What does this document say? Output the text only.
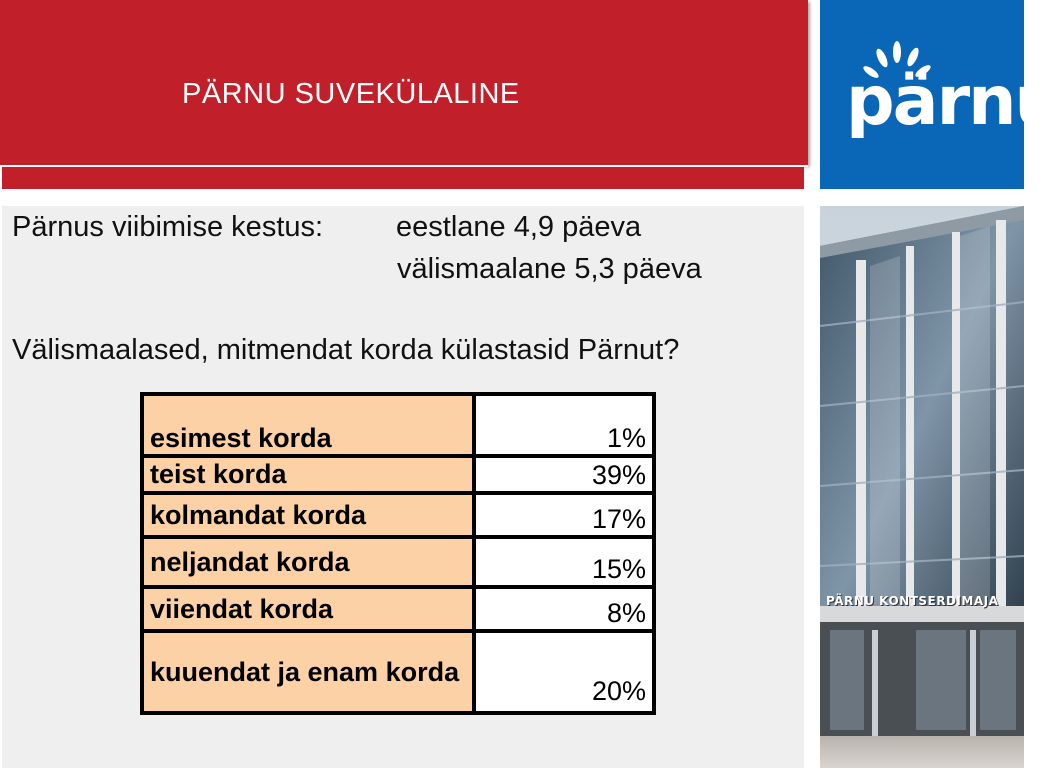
PÄRNU SUVEKÜLALINE	pärnu
Pärnus viibimise kestus:	eestlane 4,9 päeva
välismaalane 5,3 päeva
Välismaalased, mitmendat korda külastasid Pärnut?
esimest korda	1%
teist korda	39%
kolmandat korda	17%
neljandat korda	15%
viiendat korda	8%
kuuendat ja enam korda	20%
PÄRNU KONTSERDIMAJA
